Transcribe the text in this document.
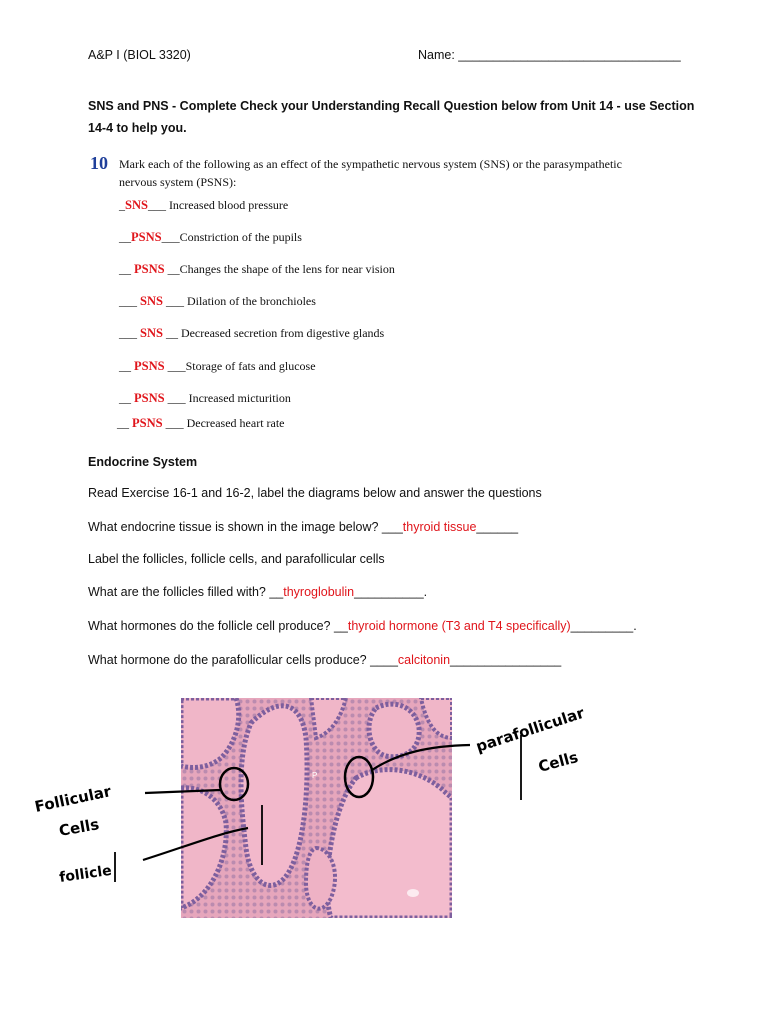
A&P I (BIOL 3320)	Name: ________________________________
SNS and PNS - Complete Check your Understanding Recall Question below from Unit 14 - use Section
14-4 to help you.
10 Mark each of the following as an effect of the sympathetic nervous system (SNS) or the parasympathetic
nervous system (PSNS):
_SNS___ Increased blood pressure
__PSNS___Constriction of the pupils
__ PSNS __Changes the shape of the lens for near vision
___ SNS ___ Dilation of the bronchioles
___ SNS __ Decreased secretion from digestive glands
__ PSNS ___Storage of fats and glucose
__ PSNS ___ Increased micturition
__ PSNS ___ Decreased heart rate
Endocrine System
Read Exercise 16-1 and 16-2, label the diagrams below and answer the questions
What endocrine tissue is shown in the image below? ___thyroid tissue______
Label the follicles, follicle cells, and parafollicular cells
What are the follicles filled with? __thyroglobulin__________.
What hormones do the follicle cell produce? __thyroid hormone (T3 and T4 specifically)_________.
What hormone do the parafollicular cells produce? ____calcitonin________________
P
Follicular
Cells
follicle
parafollicular
Cells
